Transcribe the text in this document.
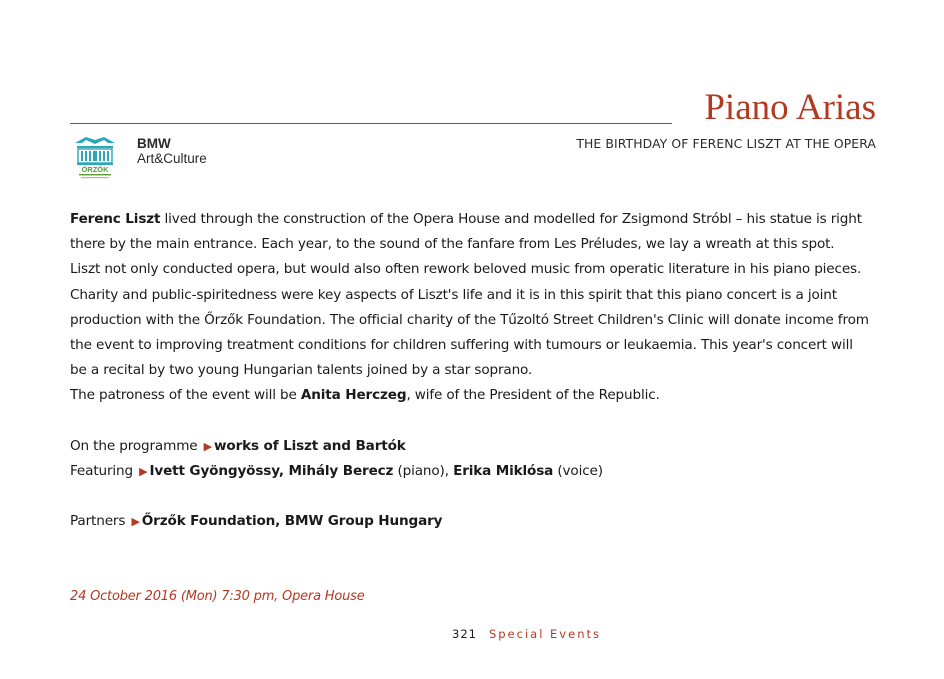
Piano Arias
THE BIRTHDAY OF FERENC LISZT AT THE OPERA
ŐRZŐK
BMW
Art&Culture

Ferenc Liszt lived through the construction of the Opera House and modelled for Zsigmond Stróbl – his statue is right

there by the main entrance. Each year, to the sound of the fanfare from Les Préludes, we lay a wreath at this spot.

Liszt not only conducted opera, but would also often rework beloved music from operatic literature in his piano pieces.

Charity and public-spiritedness were key aspects of Liszt's life and it is in this spirit that this piano concert is a joint

production with the Őrzők Foundation. The official charity of the Tűzoltó Street Children's Clinic will donate income from

the event to improving treatment conditions for children suffering with tumours or leukaemia. This year's concert will

be a recital by two young Hungarian talents joined by a star soprano.

The patroness of the event will be Anita Herczeg, wife of the President of the Republic.

On the programme ▶ works of Liszt and Bartók

Featuring ▶ Ivett Gyöngyössy, Mihály Berecz (piano), Erika Miklósa (voice)

Partners ▶ Őrzők Foundation, BMW Group Hungary

24 October 2016 (Mon) 7:30 pm, Opera House
321 Special Events
